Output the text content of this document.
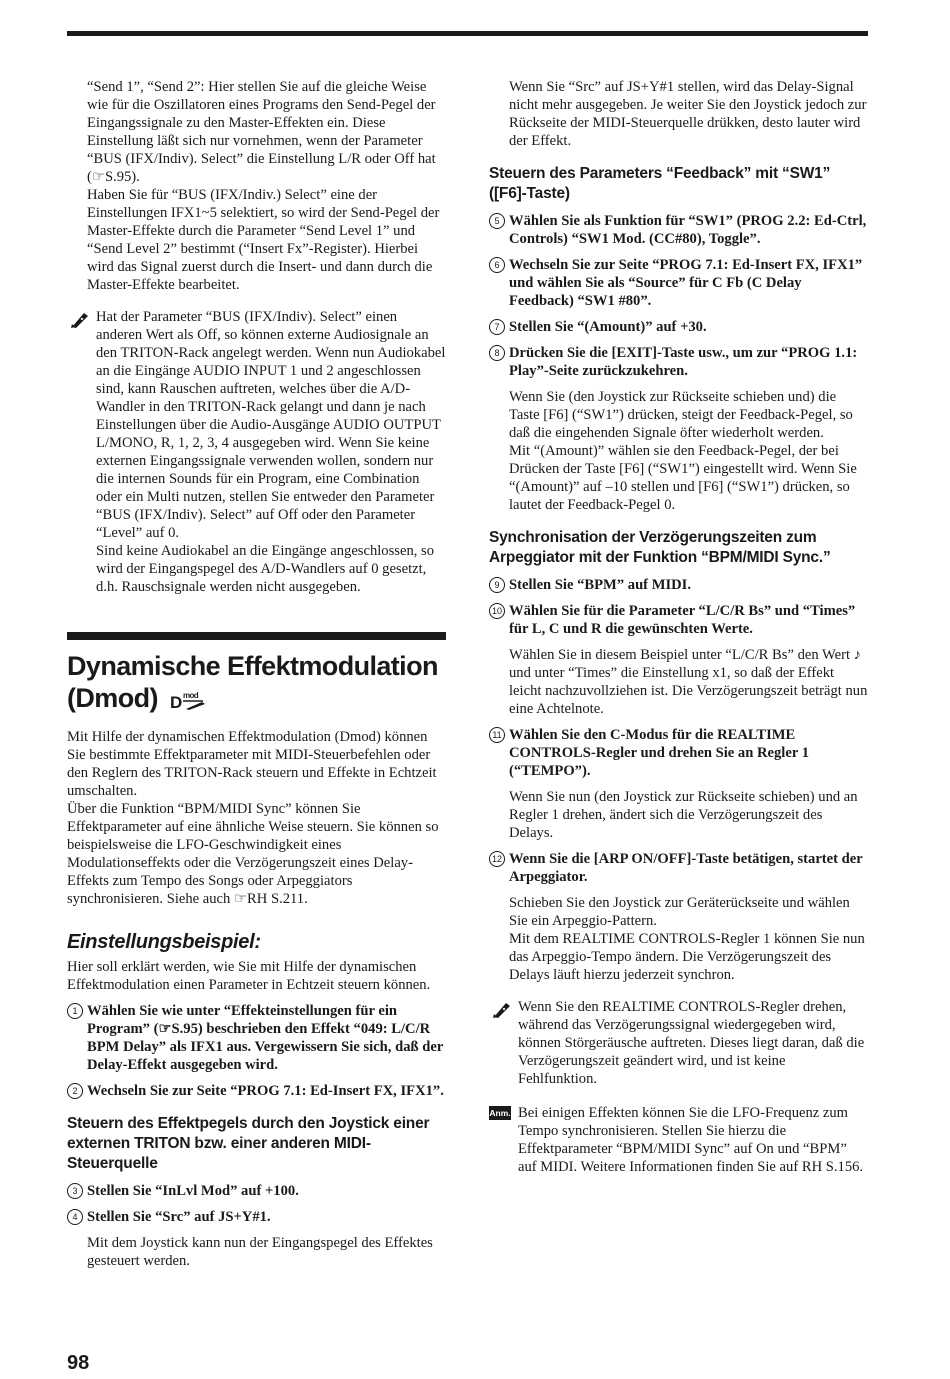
“Send 1”, “Send 2”: Hier stellen Sie auf die gleiche Weise wie für die Oszillatoren eines Programs den Send-Pegel der Eingangssignale zu den Master-Effekten ein. Diese Einstellung läßt sich nur vornehmen, wenn der Parameter “BUS (IFX/Indiv). Select” die Einstellung L/R oder Off hat (☞S.95).

Haben Sie für “BUS (IFX/Indiv.) Select” eine der Einstellungen IFX1~5 selektiert, so wird der Send-Pegel der Master-Effekte durch die Parameter “Send Level 1” und “Send Level 2” bestimmt (“Insert Fx”-Register). Hierbei wird das Signal zuerst durch die Insert- und dann durch die Master-Effekte bearbeitet.

Hat der Parameter “BUS (IFX/Indiv). Select” einen anderen Wert als Off, so können externe Audiosignale an den TRITON-Rack angelegt werden. Wenn nun Audiokabel an die Eingänge AUDIO INPUT 1 und 2 angeschlossen sind, kann Rauschen auftreten, welches über die A/D-Wandler in den TRITON-Rack gelangt und dann je nach Einstellungen über die Audio-Ausgänge AUDIO OUTPUT L/MONO, R, 1, 2, 3, 4 ausgegeben wird. Wenn Sie keine externen Eingangssignale verwenden wollen, sondern nur die internen Sounds für ein Program, eine Combination oder ein Multi nutzen, stellen Sie entweder den Parameter “BUS (IFX/Indiv). Select” auf Off oder den Parameter “Level” auf 0.

Sind keine Audiokabel an die Eingänge angeschlossen, so wird der Eingangspegel des A/D-Wandlers auf 0 gesetzt, d.h. Rauschsignale werden nicht ausgegeben.

Dynamische Effektmodulation
(Dmod) D mod

Mit Hilfe der dynamischen Effektmodulation (Dmod) können Sie bestimmte Effektparameter mit MIDI-Steuerbefehlen oder den Reglern des TRITON-Rack steuern und Effekte in Echtzeit umschalten.

Über die Funktion “BPM/MIDI Sync” können Sie Effektparameter auf eine ähnliche Weise steuern. Sie können so beispielsweise die LFO-Geschwindigkeit eines Modulationseffekts oder die Verzögerungszeit eines Delay-Effekts zum Tempo des Songs oder Arpeggiators synchronisieren. Siehe auch ☞RH S.211.

Einstellungsbeispiel:

Hier soll erklärt werden, wie Sie mit Hilfe der dynamischen Effektmodulation einen Parameter in Echtzeit steuern können.

1 Wählen Sie wie unter “Effekteinstellungen für ein Program” (☞S.95) beschrieben den Effekt “049: L/C/R BPM Delay” als IFX1 aus. Vergewissern Sie sich, daß der Delay-Effekt ausgegeben wird.
2 Wechseln Sie zur Seite “PROG 7.1: Ed-Insert FX, IFX1”.
Steuern des Effektpegels durch den Joystick einer externen TRITON bzw. einer anderen MIDI-Steuerquelle
3 Stellen Sie “InLvl Mod” auf +100.
4 Stellen Sie “Src” auf JS+Y#1.

Mit dem Joystick kann nun der Eingangspegel des Effektes gesteuert werden.

Wenn Sie “Src” auf JS+Y#1 stellen, wird das Delay-Signal nicht mehr ausgegeben. Je weiter Sie den Joystick jedoch zur Rückseite der MIDI-Steuerquelle drükken, desto lauter wird der Effekt.

Steuern des Parameters “Feedback” mit “SW1” ([F6]-Taste)
5 Wählen Sie als Funktion für “SW1” (PROG 2.2: Ed-Ctrl, Controls) “SW1 Mod. (CC#80), Toggle”.
6 Wechseln Sie zur Seite “PROG 7.1: Ed-Insert FX, IFX1” und wählen Sie als “Source” für C Fb (C Delay Feedback) “SW1 #80”.
7 Stellen Sie “(Amount)” auf +30.
8 Drücken Sie die [EXIT]-Taste usw., um zur “PROG 1.1: Play”-Seite zurückzukehren.

Wenn Sie (den Joystick zur Rückseite schieben und) die Taste [F6] (“SW1”) drücken, steigt der Feedback-Pegel, so daß die eingehenden Signale öfter wiederholt werden.

Mit “(Amount)” wählen sie den Feedback-Pegel, der bei Drücken der Taste [F6] (“SW1”) eingestellt wird. Wenn Sie “(Amount)” auf –10 stellen und [F6] (“SW1”) drücken, so lautet der Feedback-Pegel 0.

Synchronisation der Verzögerungszeiten zum Arpeggiator mit der Funktion “BPM/MIDI Sync.”
9 Stellen Sie “BPM” auf MIDI.
10 Wählen Sie für die Parameter “L/C/R Bs” und “Times” für L, C und R die gewünschten Werte.

Wählen Sie in diesem Beispiel unter “L/C/R Bs” den Wert ♪ und unter “Times” die Einstellung x1, so daß der Effekt leicht nachzuvollziehen ist. Die Verzögerungszeit beträgt nun eine Achtelnote.

11 Wählen Sie den C-Modus für die REALTIME CONTROLS-Regler und drehen Sie an Regler 1 (“TEMPO”).

Wenn Sie nun (den Joystick zur Rückseite schieben) und an Regler 1 drehen, ändert sich die Verzögerungszeit des Delays.

12 Wenn Sie die [ARP ON/OFF]-Taste betätigen, startet der Arpeggiator.

Schieben Sie den Joystick zur Geräterückseite und wählen Sie ein Arpeggio-Pattern.

Mit dem REALTIME CONTROLS-Regler 1 können Sie nun das Arpeggio-Tempo ändern. Die Verzögerungszeit des Delays läuft hierzu jederzeit synchron.

Wenn Sie den REALTIME CONTROLS-Regler drehen, während das Verzögerungssignal wiedergegeben wird, können Störgeräusche auftreten. Dieses liegt daran, daß die Verzögerungszeit geändert wird, und ist keine Fehlfunktion.

Anm. Bei einigen Effekten können Sie die LFO-Frequenz zum Tempo synchronisieren. Stellen Sie hierzu die Effektparameter “BPM/MIDI Sync” auf On und “BPM” auf MIDI. Weitere Informationen finden Sie auf RH S.156.

98
